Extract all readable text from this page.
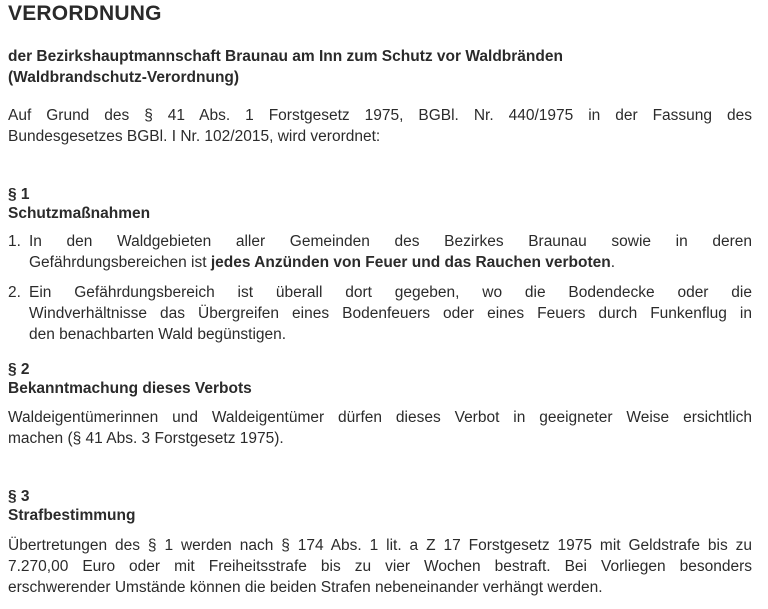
VERORDNUNG
der Bezirkshauptmannschaft Braunau am Inn zum Schutz vor Waldbränden
(Waldbrandschutz-Verordnung)
Auf Grund des § 41 Abs. 1 Forstgesetz 1975, BGBl. Nr. 440/1975 in der Fassung des
Bundesgesetzes BGBl. I Nr. 102/2015, wird verordnet:
§ 1
Schutzmaßnahmen
1. In den Waldgebieten aller Gemeinden des Bezirkes Braunau sowie in deren
Gefährdungsbereichen ist jedes Anzünden von Feuer und das Rauchen verboten.
2. Ein Gefährdungsbereich ist überall dort gegeben, wo die Bodendecke oder die
Windverhältnisse das Übergreifen eines Bodenfeuers oder eines Feuers durch Funkenflug in
den benachbarten Wald begünstigen.
§ 2
Bekanntmachung dieses Verbots
Waldeigentümerinnen und Waldeigentümer dürfen dieses Verbot in geeigneter Weise ersichtlich
machen (§ 41 Abs. 3 Forstgesetz 1975).
§ 3
Strafbestimmung
Übertretungen des § 1 werden nach § 174 Abs. 1 lit. a Z 17 Forstgesetz 1975 mit Geldstrafe bis zu
7.270,00 Euro oder mit Freiheitsstrafe bis zu vier Wochen bestraft. Bei Vorliegen besonders
erschwerender Umstände können die beiden Strafen nebeneinander verhängt werden.
